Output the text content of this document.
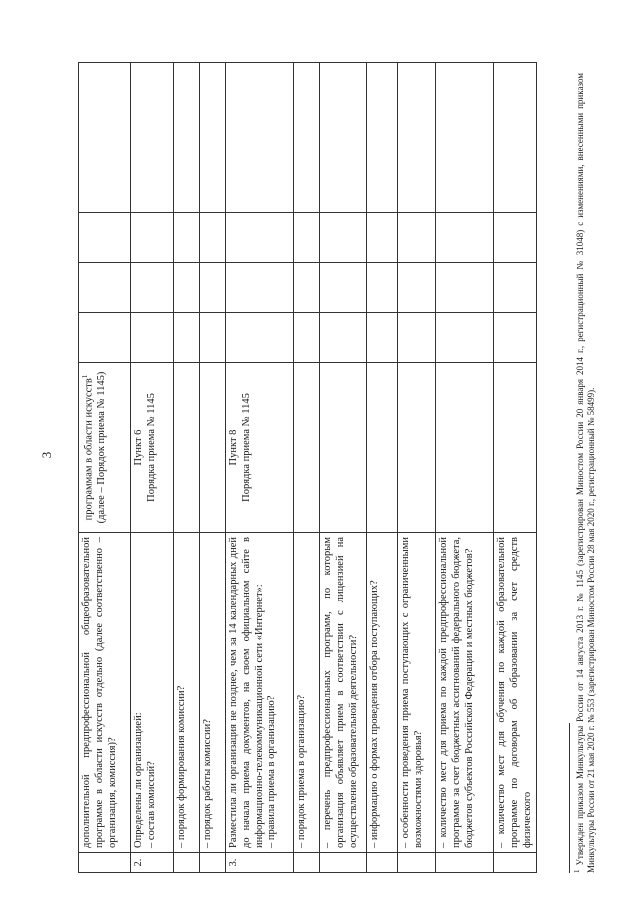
3
	дополнительной предпрофессиональной общеобразовательной программе в области искусств отдельно (далее соответственно – организация, комиссия)?	программам в области искусств$^1$ (далее – Порядок приема № 1145)				
2.	Определены ли организацией:
– состав комиссий?	Пункт 6
Порядка приема № 1145				
	– порядок формирования комиссии?					
	– порядок работы комиссии?					
3.	Разместила ли организация не позднее, чем за 14 календарных дней до начала приема документов, на своем официальном сайте в информационно-телекоммуникационной сети «Интернет»:
– правила приема в организацию?	Пункт 8
Порядка приема № 1145				
	– порядок приема в организацию?					
	– перечень предпрофессиональных программ, по которым организация объявляет прием в соответствии с лицензией на осуществление образовательной деятельности?					
	– информацию о формах проведения отбора поступающих?					
	– особенности проведения приема поступающих с ограниченными возможностями здоровья?					
	– количество мест для приема по каждой предпрофессиональной программе за счет бюджетных ассигнований федерального бюджета, бюджетов субъектов Российской Федерации и местных бюджетов?					
	– количество мест для обучения по каждой образовательной программе по договорам об образовании за счет средств физического					
$^1$ Утвержден приказом Минкультуры России от 14 августа 2013 г. № 1145 (зарегистрирован Минюстом России 20 января 2014 г., регистрационный № 31048) с изменениями, внесенными приказом Минкультуры России от 21 мая 2020 г. № 553 (зарегистрирован Минюстом России 28 мая 2020 г., регистрационный № 58499).
